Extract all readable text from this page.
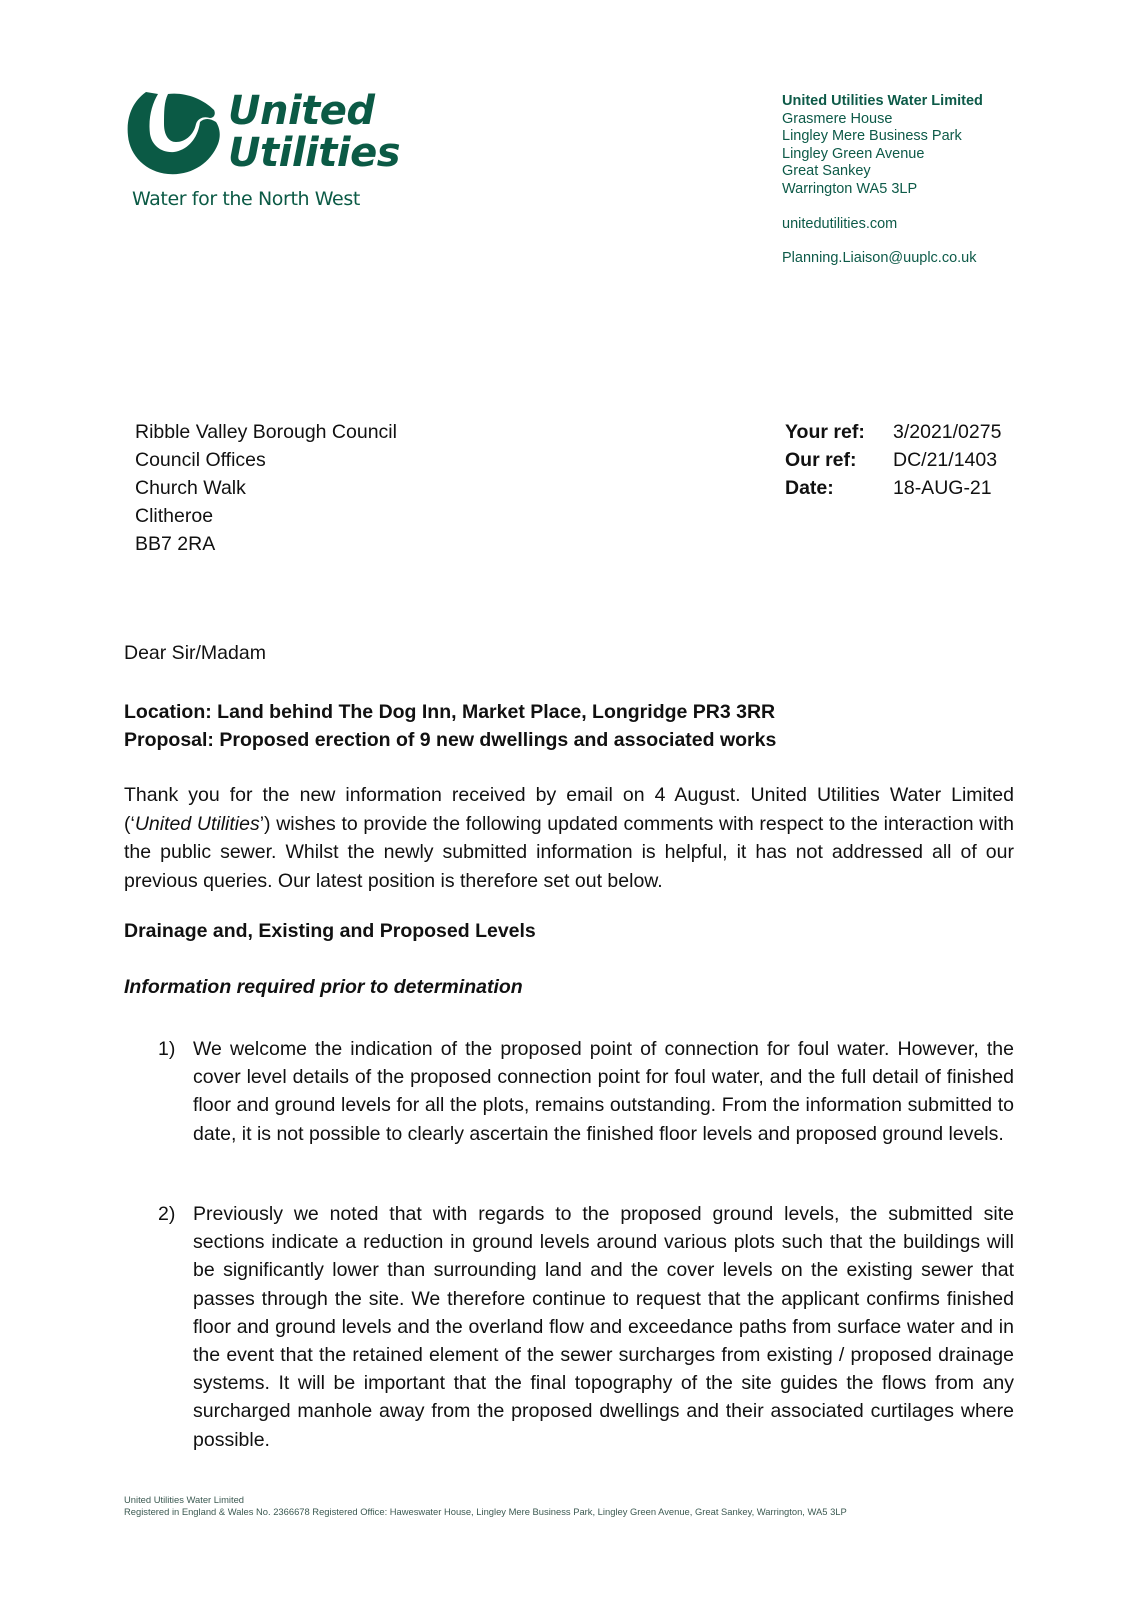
United
Utilities
Water for the North West
United Utilities Water Limited
Grasmere House
Lingley Mere Business Park
Lingley Green Avenue
Great Sankey
Warrington WA5 3LP
unitedutilities.com
Planning.Liaison@uuplc.co.uk
Ribble Valley Borough Council
Council Offices
Church Walk
Clitheroe
BB7 2RA
Your ref:	3/2021/0275
Our ref:	DC/21/1403
Date:	18-AUG-21
Dear Sir/Madam
Location: Land behind The Dog Inn, Market Place, Longridge PR3 3RR
Proposal: Proposed erection of 9 new dwellings and associated works
Thank you for the new information received by email on 4 August. United Utilities Water Limited (‘United Utilities’) wishes to provide the following updated comments with respect to the interaction with the public sewer. Whilst the newly submitted information is helpful, it has not addressed all of our previous queries. Our latest position is therefore set out below.
Drainage and, Existing and Proposed Levels
Information required prior to determination
1) We welcome the indication of the proposed point of connection for foul water. However, the cover level details of the proposed connection point for foul water, and the full detail of finished floor and ground levels for all the plots, remains outstanding. From the information submitted to date, it is not possible to clearly ascertain the finished floor levels and proposed ground levels.
2) Previously we noted that with regards to the proposed ground levels, the submitted site sections indicate a reduction in ground levels around various plots such that the buildings will be significantly lower than surrounding land and the cover levels on the existing sewer that passes through the site. We therefore continue to request that the applicant confirms finished floor and ground levels and the overland flow and exceedance paths from surface water and in the event that the retained element of the sewer surcharges from existing / proposed drainage systems. It will be important that the final topography of the site guides the flows from any surcharged manhole away from the proposed dwellings and their associated curtilages where possible.
United Utilities Water Limited
Registered in England & Wales No. 2366678 Registered Office: Haweswater House, Lingley Mere Business Park, Lingley Green Avenue, Great Sankey, Warrington, WA5 3LP
